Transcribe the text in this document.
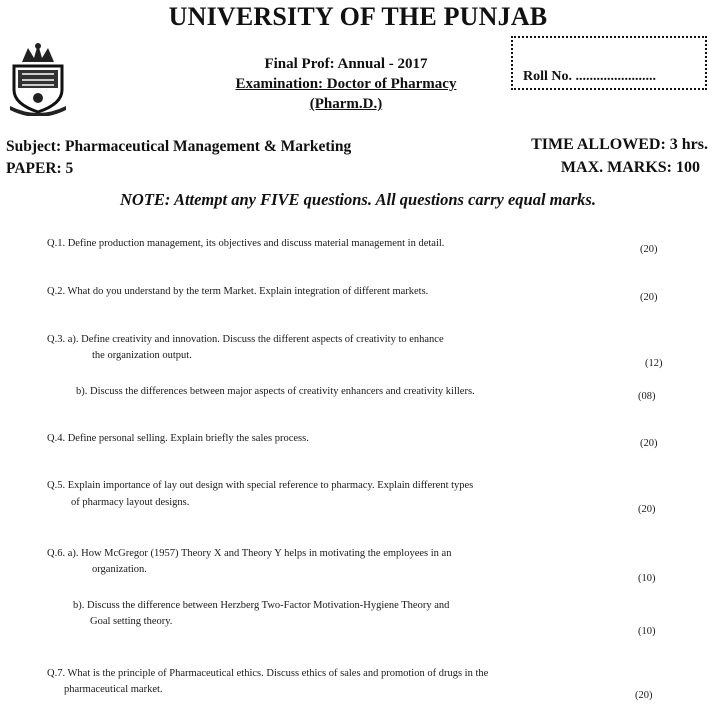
UNIVERSITY OF THE PUNJAB
Final Prof: Annual - 2017
Examination: Doctor of Pharmacy
(Pharm.D.)
Roll No. .......................
Subject: Pharmaceutical Management & Marketing
PAPER: 5
TIME ALLOWED: 3 hrs.
MAX. MARKS: 100
NOTE: Attempt any FIVE questions. All questions carry equal marks.
Q.1. Define production management, its objectives and discuss material management in detail.
(20)
Q.2. What do you understand by the term Market. Explain integration of different markets.
(20)
Q.3. a). Define creativity and innovation. Discuss the different aspects of creativity to enhance
the organization output.
(12)
b). Discuss the differences between major aspects of creativity enhancers and creativity killers.	(08)
Q.4. Define personal selling. Explain briefly the sales process.	(20)
Q.5. Explain importance of lay out design with special reference to pharmacy. Explain different types
of pharmacy layout designs.
(20)
Q.6. a). How McGregor (1957) Theory X and Theory Y helps in motivating the employees in an
organization.
(10)
b). Discuss the difference between Herzberg Two-Factor Motivation-Hygiene Theory and
Goal setting theory.
(10)
Q.7. What is the principle of Pharmaceutical ethics. Discuss ethics of sales and promotion of drugs in the
pharmaceutical market.
(20)
